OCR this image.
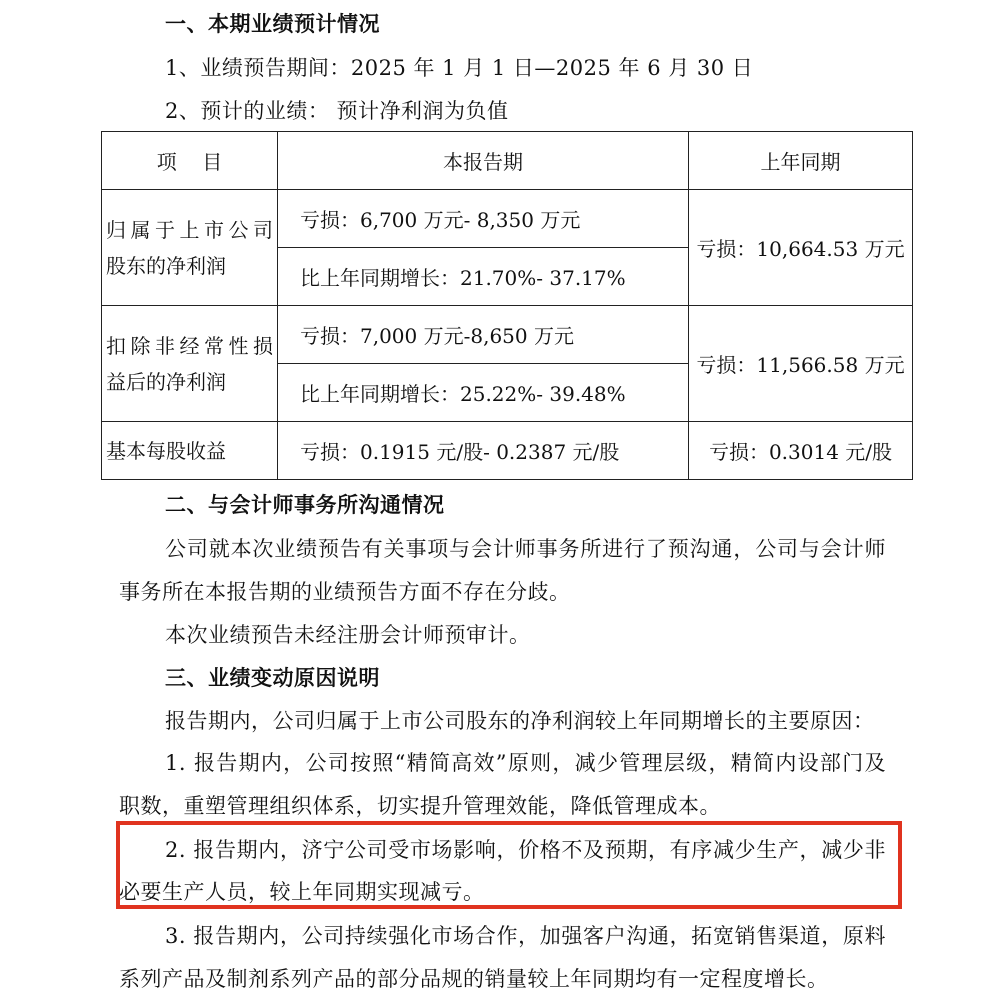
一、本期业绩预计情况
1、业绩预告期间：2025 年 1 月 1 日—2025 年 6 月 30 日
2、预计的业绩： 预计净利润为负值
项    目	本报告期	上年同期

归属于上市公司
股东的净利润	亏损：6,700 万元- 8,350 万元	亏损：10,664.53 万元
	比上年同期增长：21.70%- 37.17%	

扣除非经常性损
益后的净利润	亏损：7,000 万元-8,650 万元	亏损：11,566.58 万元
	比上年同期增长：25.22%- 39.48%	
基本每股收益	亏损：0.1915 元/股- 0.2387 元/股	亏损：0.3014 元/股
二、与会计师事务所沟通情况
公司就本次业绩预告有关事项与会计师事务所进行了预沟通，公司与会计师
事务所在本报告期的业绩预告方面不存在分歧。
本次业绩预告未经注册会计师预审计。
三、业绩变动原因说明
报告期内，公司归属于上市公司股东的净利润较上年同期增长的主要原因：
1. 报告期内，公司按照“精简高效”原则，减少管理层级，精简内设部门及
职数，重塑管理组织体系，切实提升管理效能，降低管理成本。
2. 报告期内，济宁公司受市场影响，价格不及预期，有序减少生产，减少非
必要生产人员，较上年同期实现减亏。
3. 报告期内，公司持续强化市场合作，加强客户沟通，拓宽销售渠道，原料
系列产品及制剂系列产品的部分品规的销量较上年同期均有一定程度增长。
